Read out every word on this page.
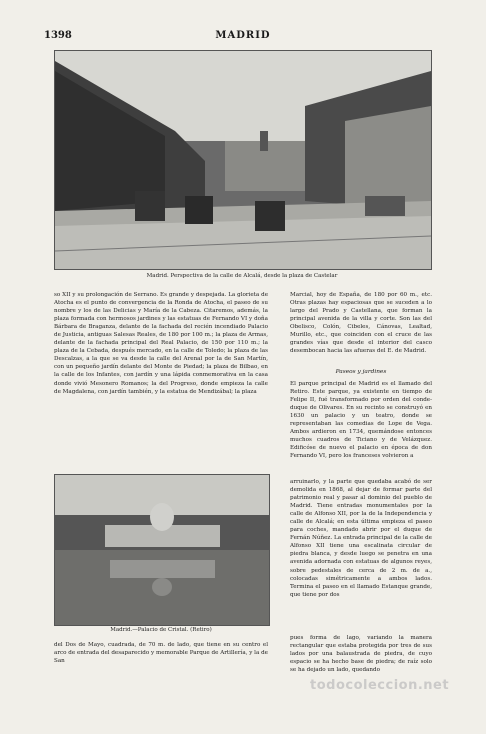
1398	MADRID
Madrid. Perspectiva de la calle de Alcalá, desde la plaza de Castelar
so XII y su prolongación de Serrano. Es grande y despejada. La glorieta de Atocha es el punto de convergencia de la Ronda de Atocha, el paseo de su nombre y los de las Delicias y María de la Cabeza. Citaremos, además, la plaza formada con hermosos jardines y las estatuas de Fernando VI y doña Bárbara de Braganza, delante de la fachada del recién incendiado Palacio de Justicia, antiguas Salesas Reales, de 180 por 100 m.; la plaza de Armas, delante de la fachada principal del Real Palacio, de 150 por 110 m.; la plaza de la Cebada, después mercado, en la calle de Toledo; la plaza de las Descalzas, a la que se va desde la calle del Arenal por la de San Martín, con un pequeño jardín delante del Monte de Piedad; la plaza de Bilbao, en la calle de los Infantes, con jardín y una lápida conmemorativa en la casa donde vivió Mesonero Romanos; la del Progreso, donde empieza la calle de Magdalena, con jardín también, y la estatua de Mendizábal; la plaza
Madrid.—Palacio de Cristal. (Retiro)
del Dos de Mayo, cuadrada, de 70 m. de lado, que tiene en su centro el arco de entrada del desaparecido y memorable Parque de Artillería, y la de San
Marcial, hoy de España, de 180 por 60 m., etc. Otras plazas hay espaciosas que se suceden a lo largo del Prado y Castellana, que forman la principal avenida de la villa y corte. Son las del Obelisco, Colón, Cibeles, Cánovas, Lealtad, Murillo, etc., que coinciden con el cruce de las grandes vías que desde el interior del casco desembocan hacia las afueras del E. de Madrid.
Paseos y jardines
El parque principal de Madrid es el llamado del Retiro. Este parque, ya existente en tiempo de Felipe II, fué transformado por orden del conde-duque de Olivares. En su recinto se construyó en 1630 un palacio y un teatro, donde se representaban las comedias de Lope de Vega. Ambos ardieron en 1734, quemándose entonces muchos cuadros de Ticiano y de Velázquez. Edificóse de nuevo el palacio en época de don Fernando VI, pero los franceses volvieron a
arruinarlo, y la parte que quedaba acabó de ser demolida en 1868, al dejar de formar parte del patrimonio real y pasar al dominio del pueblo de Madrid. Tiene entradas monumentales por la calle de Alfonso XII, por la de la Independencia y calle de Alcalá; en esta última empieza el paseo para coches, mandado abrir por el duque de Fernán Núñez. La entrada principal de la calle de Alfonso XII tiene una escalinata circular de piedra blanca, y desde luego se penetra en una avenida adornada con estatuas de algunos reyes, sobre pedestales de cerca de 2 m. de a., colocadas simétricamente a ambos lados. Termina el paseo en el llamado Estanque grande, que tiene por dos
pues forma de lago, variando la manera rectangular que estaba protegida por tres de sus lados por una balaustrada de piedra, de cuyo espacio se ha hecho base de piedra; de raíz solo se ha dejado un lado, quedando
todocoleccion.net
